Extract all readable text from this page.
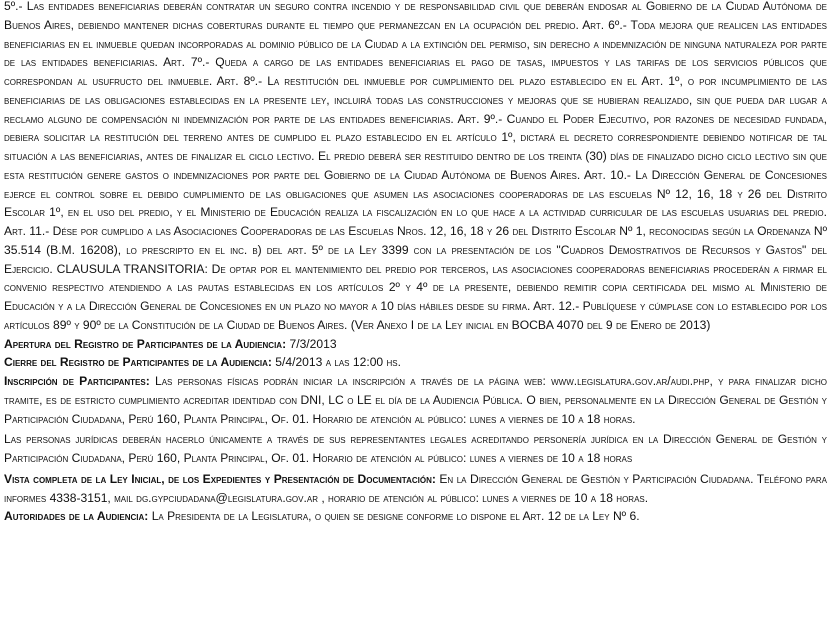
5º.- Las entidades beneficiarias deberán contratar un seguro contra incendio y de responsabilidad civil que deberán endosar al Gobierno de la Ciudad Autónoma de Buenos Aires, debiendo mantener dichas coberturas durante el tiempo que permanezcan en la ocupación del predio. Art. 6º.- Toda mejora que realicen las entidades beneficiarias en el inmueble quedan incorporadas al dominio público de la Ciudad a la extinción del permiso, sin derecho a indemnización de ninguna naturaleza por parte de las entidades beneficiarias. Art. 7º.- Queda a cargo de las entidades beneficiarias el pago de tasas, impuestos y las tarifas de los servicios públicos que correspondan al usufructo del inmueble. Art. 8º.- La restitución del inmueble por cumplimiento del plazo establecido en el Art. 1º, o por incumplimiento de las beneficiarias de las obligaciones establecidas en la presente ley, incluirá todas las construcciones y mejoras que se hubieran realizado, sin que pueda dar lugar a reclamo alguno de compensación ni indemnización por parte de las entidades beneficiarias. Art. 9º.- Cuando el Poder Ejecutivo, por razones de necesidad fundada, debiera solicitar la restitución del terreno antes de cumplido el plazo establecido en el artículo 1º, dictará el decreto correspondiente debiendo notificar de tal situación a las beneficiarias, antes de finalizar el ciclo lectivo. El predio deberá ser restituido dentro de los treinta (30) días de finalizado dicho ciclo lectivo sin que esta restitución genere gastos o indemnizaciones por parte del Gobierno de la Ciudad Autónoma de Buenos Aires. Art. 10.- La Dirección General de Concesiones ejerce el control sobre el debido cumplimiento de las obligaciones que asumen las asociaciones cooperadoras de las escuelas Nº 12, 16, 18 y 26 del Distrito Escolar 1º, en el uso del predio, y el Ministerio de Educación realiza la fiscalización en lo que hace a la actividad curricular de las escuelas usuarias del predio. Art. 11.- Dése por cumplido a las Asociaciones Cooperadoras de las Escuelas Nros. 12, 16, 18 y 26 del Distrito Escolar Nº 1, reconocidas según la Ordenanza Nº 35.514 (B.M. 16208), lo prescripto en el inc. b) del art. 5º de la Ley 3399 con la presentación de los "Cuadros Demostrativos de Recursos y Gastos" del Ejercicio. CLAUSULA TRANSITORIA: De optar por el mantenimiento del predio por terceros, las asociaciones cooperadoras beneficiarias procederán a firmar el convenio respectivo atendiendo a las pautas establecidas en los artículos 2º y 4º de la presente, debiendo remitir copia certificada del mismo al Ministerio de Educación y a la Dirección General de Concesiones en un plazo no mayor a 10 días hábiles desde su firma. Art. 12.- Publíquese y cúmplase con lo establecido por los artículos 89º y 90º de la Constitución de la Ciudad de Buenos Aires. (Ver Anexo I de la Ley inicial en BOCBA 4070 del 9 de Enero de 2013)

Apertura del Registro de Participantes de la Audiencia: 7/3/2013

Cierre del Registro de Participantes de la Audiencia: 5/4/2013 a las 12:00 hs.

Inscripción de Participantes: Las personas físicas podrán iniciar la inscripción a través de la página web: www.legislatura.gov.ar/audi.php, y para finalizar dicho tramite, es de estricto cumplimiento acreditar identidad con DNI, LC o LE el día de la Audiencia Pública. O bien, personalmente en la Dirección General de Gestión y Participación Ciudadana, Perú 160, Planta Principal, Of. 01. Horario de atención al público: lunes a viernes de 10 a 18 horas.

Las personas jurídicas deberán hacerlo únicamente a través de sus representantes legales acreditando personería jurídica en la Dirección General de Gestión y Participación Ciudadana, Perú 160, Planta Principal, Of. 01. Horario de atención al público: lunes a viernes de 10 a 18 horas

Vista completa de la Ley Inicial, de los Expedientes y Presentación de Documentación: En la Dirección General de Gestión y Participación Ciudadana. Teléfono para informes 4338-3151, mail dg.gypciudadana@legislatura.gov.ar , horario de atención al público: lunes a viernes de 10 a 18 horas.

Autoridades de la Audiencia: La Presidenta de la Legislatura, o quien se designe conforme lo dispone el Art. 12 de la Ley Nº 6.
